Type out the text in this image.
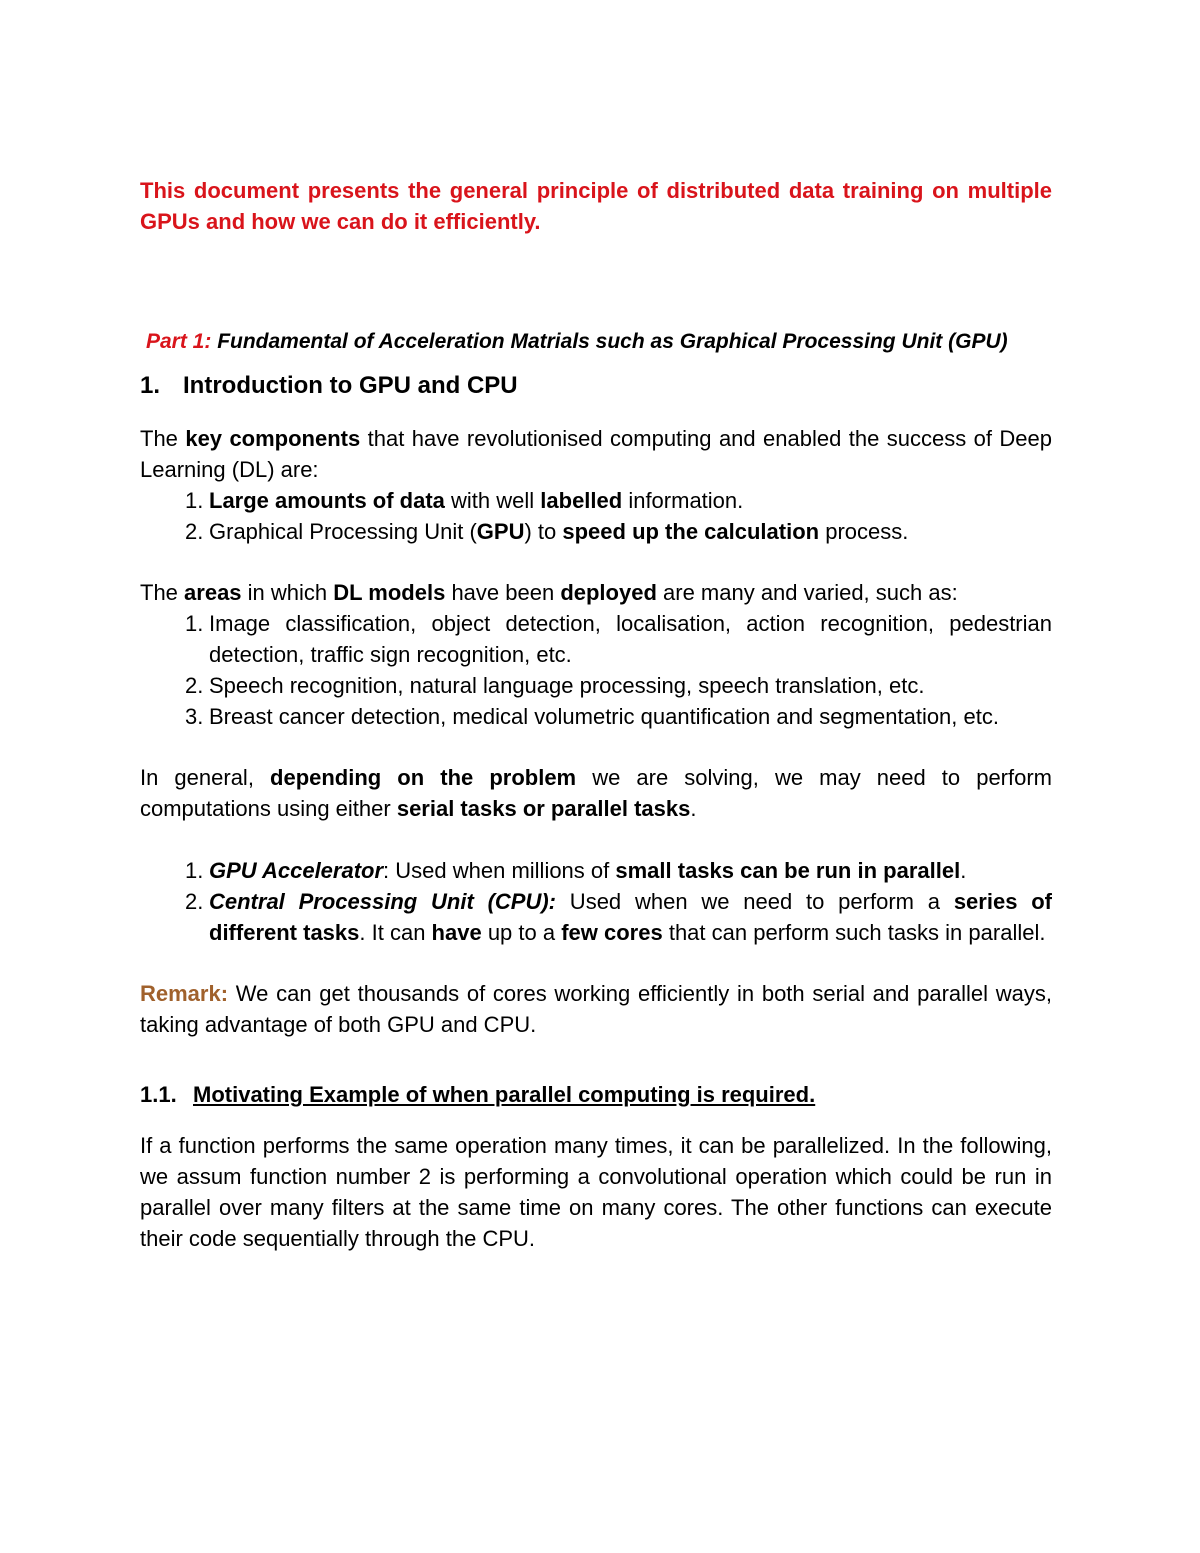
This document presents the general principle of distributed data training on multiple GPUs and how we can do it efficiently.
Part 1: Fundamental of Acceleration Matrials such as Graphical Processing Unit (GPU)
1. Introduction to GPU and CPU
The key components that have revolutionised computing and enabled the success of Deep Learning (DL) are:
1. Large amounts of data with well labelled information.
2. Graphical Processing Unit (GPU) to speed up the calculation process.
The areas in which DL models have been deployed are many and varied, such as:
1. Image classification, object detection, localisation, action recognition, pedestrian detection, traffic sign recognition, etc.
2. Speech recognition, natural language processing, speech translation, etc.
3. Breast cancer detection, medical volumetric quantification and segmentation, etc.
In general, depending on the problem we are solving, we may need to perform computations using either serial tasks or parallel tasks.
1. GPU Accelerator: Used when millions of small tasks can be run in parallel.
2. Central Processing Unit (CPU): Used when we need to perform a series of different tasks. It can have up to a few cores that can perform such tasks in parallel.
Remark: We can get thousands of cores working efficiently in both serial and parallel ways, taking advantage of both GPU and CPU.
1.1. Motivating Example of when parallel computing is required.
If a function performs the same operation many times, it can be parallelized. In the following, we assum function number 2 is performing a convolutional operation which could be run in parallel over many filters at the same time on many cores. The other functions can execute their code sequentially through the CPU.
